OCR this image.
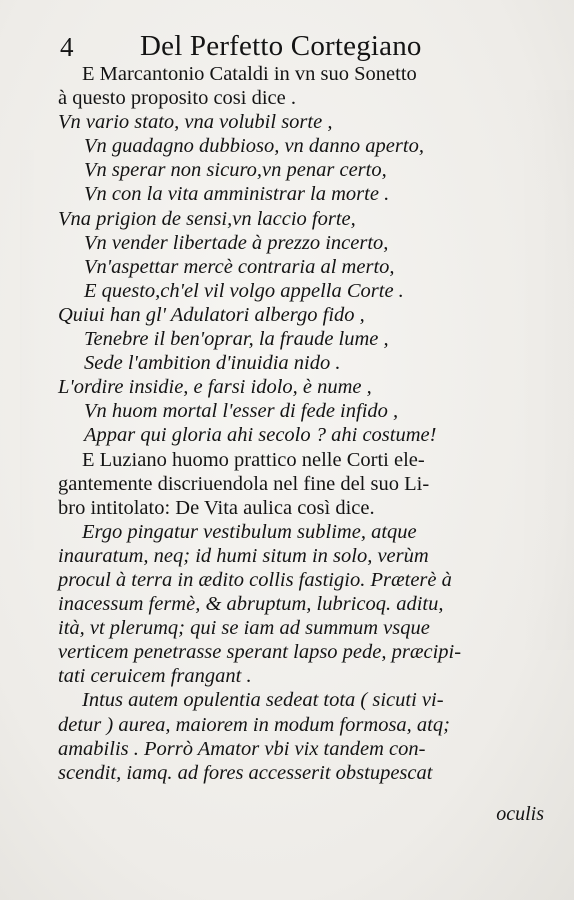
4 Del Perfetto Cortegiano
E Marcantonio Cataldi in vn suo Sonetto
à questo proposito cosi dice .
Vn vario stato, vna volubil sorte ,
Vn guadagno dubbioso, vn danno aperto,
Vn sperar non sicuro,vn penar certo,
Vn con la vita amministrar la morte .
Vna prigion de sensi,vn laccio forte,
Vn vender libertade à prezzo incerto,
Vn'aspettar mercè contraria al merto,
E questo,ch'el vil volgo appella Corte .
Quiui han gl' Adulatori albergo fido ,
Tenebre il ben'oprar, la fraude lume ,
Sede l'ambition d'inuidia nido .
L'ordire insidie, e farsi idolo, è nume ,
Vn huom mortal l'esser di fede infido ,
Appar qui gloria ahi secolo ? ahi costume!
E Luziano huomo prattico nelle Corti ele-
gantemente discriuendola nel fine del suo Li-
bro intitolato: De Vita aulica così dice.
Ergo pingatur vestibulum sublime, atque
inauratum, neq; id humi situm in solo, verùm
procul à terra in ædito collis fastigio. Præterè à
inacessum fermè, & abruptum, lubricoq. aditu,
ità, vt plerumq; qui se iam ad summum vsque
verticem penetrasse sperant lapso pede, præcipi-
tati ceruicem frangant .
Intus autem opulentia sedeat tota ( sicuti vi-
detur ) aurea, maiorem in modum formosa, atq;
amabilis . Porrò Amator vbi vix tandem con-
scendit, iamq. ad fores accesserit obstupescat
oculis
